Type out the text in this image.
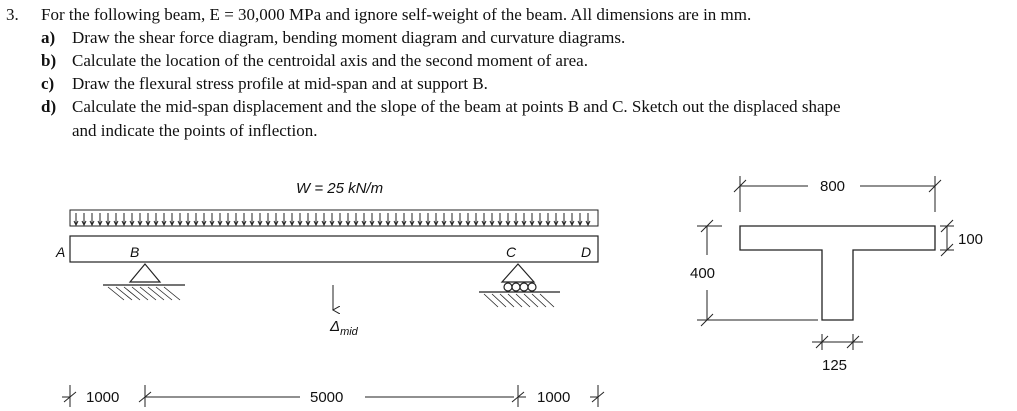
3. For the following beam, E = 30,000 MPa and ignore self-weight of the beam. All dimensions are in mm.
a) Draw the shear force diagram, bending moment diagram and curvature diagrams.
b) Calculate the location of the centroidal axis and the second moment of area.
c) Draw the flexural stress profile at mid-span and at support B.
d) Calculate the mid-span displacement and the slope of the beam at points B and C. Sketch out the displaced shape
and indicate the points of inflection.
W = 25 kN/m
A	B	C	D
$\Delta_{mid}$
1000	5000	1000
800
100
400
125
